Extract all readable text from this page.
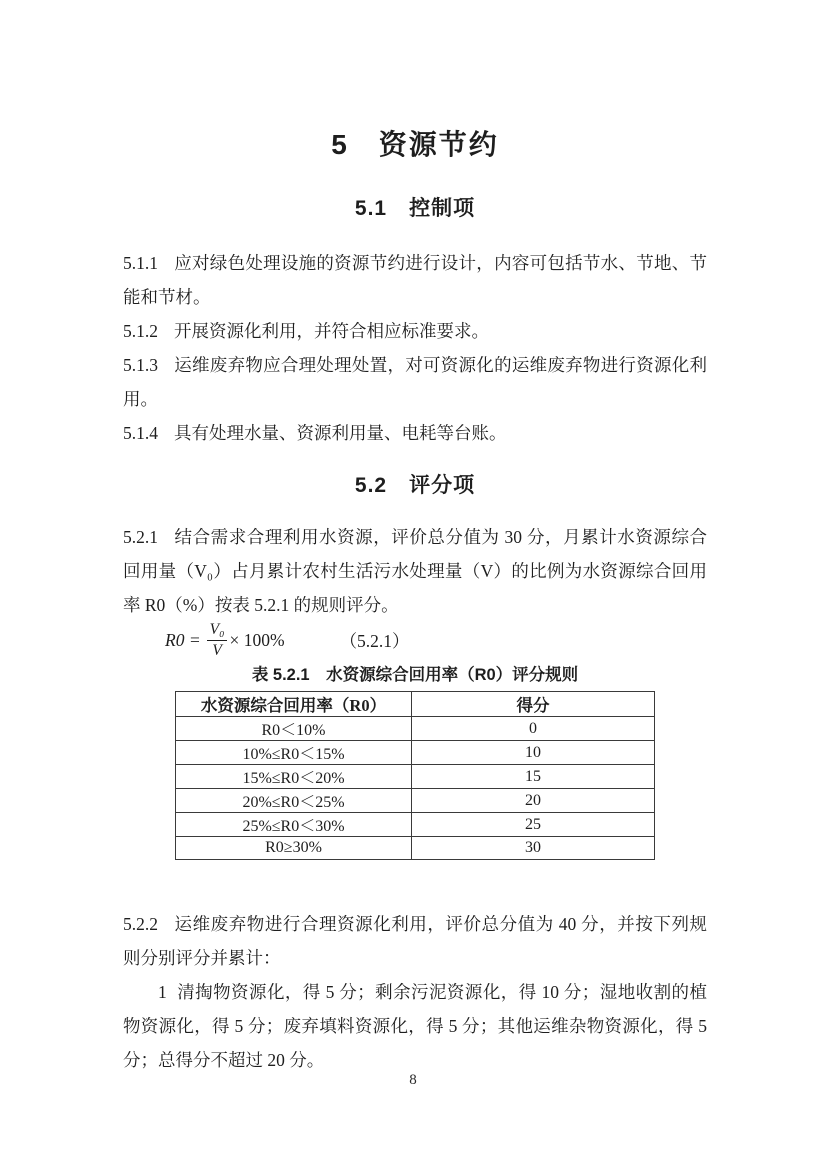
5　资源节约
5.1　控制项

5.1.1 应对绿色处理设施的资源节约进行设计，内容可包括节水、节地、节能和节材。

5.1.2 开展资源化利用，并符合相应标准要求。

5.1.3 运维废弃物应合理处理处置，对可资源化的运维废弃物进行资源化利用。

5.1.4 具有处理水量、资源利用量、电耗等台账。

5.2　评分项

5.2.1 结合需求合理利用水资源，评价总分值为 30 分，月累计水资源综合回用量（V₀）占月累计农村生活污水处理量（V）的比例为水资源综合回用率 R0（%）按表 5.2.1 的规则评分。

$R0 = \frac{\text{V₀}}{V} \times 100\%$	（5.2.1）
表 5.2.1　水资源综合回用率（R0）评分规则
水资源综合回用率（R0）	得分
R0＜10%	0
10%≤R0＜15%	10
15%≤R0＜20%	15
20%≤R0＜25%	20
25%≤R0＜30%	25
R0≥30%	30

5.2.2 运维废弃物进行合理资源化利用，评价总分值为 40 分，并按下列规则分别评分并累计：

1 清掏物资源化，得 5 分；剩余污泥资源化，得 10 分；湿地收割的植物资源化，得 5 分；废弃填料资源化，得 5 分；其他运维杂物资源化，得 5 分；总得分不超过 20 分。

8
